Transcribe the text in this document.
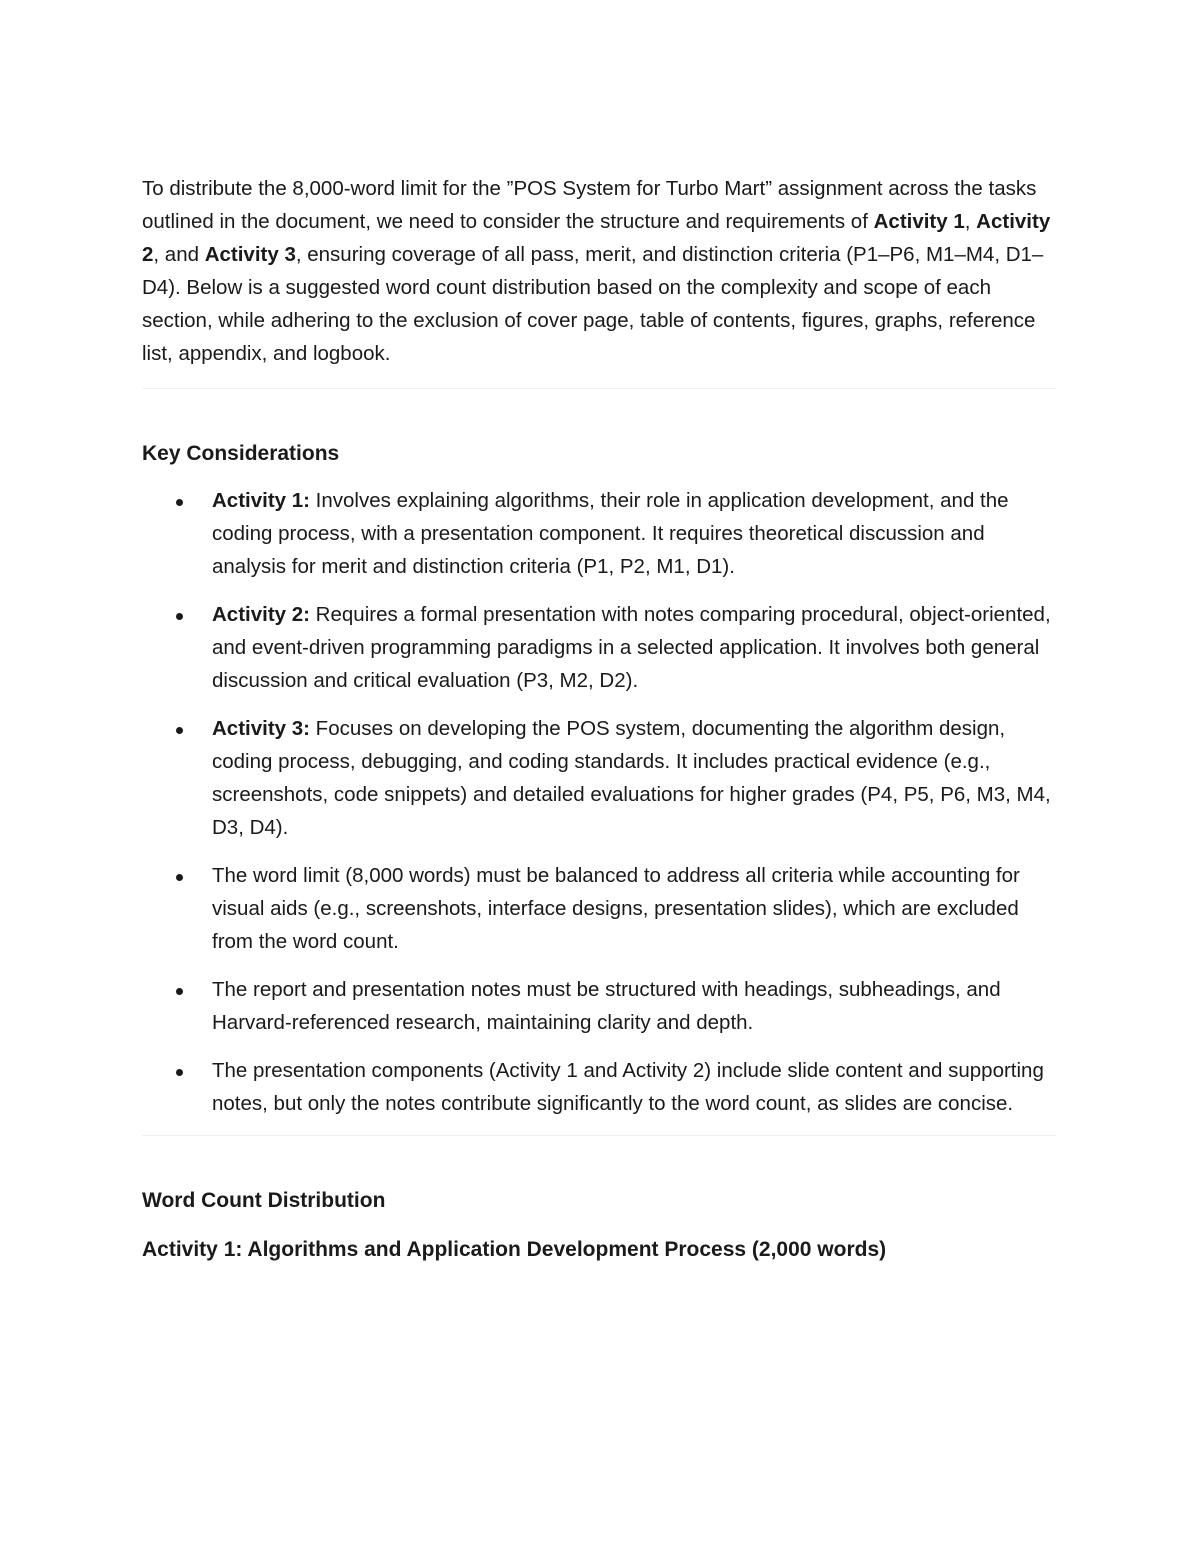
To distribute the 8,000-word limit for the ”POS System for Turbo Mart” assignment across the tasks outlined in the document, we need to consider the structure and requirements of Activity 1, Activity 2, and Activity 3, ensuring coverage of all pass, merit, and distinction criteria (P1–P6, M1–M4, D1–D4). Below is a suggested word count distribution based on the complexity and scope of each section, while adhering to the exclusion of cover page, table of contents, figures, graphs, reference list, appendix, and logbook.

Key Considerations
Activity 1: Involves explaining algorithms, their role in application development, and the coding process, with a presentation component. It requires theoretical discussion and analysis for merit and distinction criteria (P1, P2, M1, D1).
Activity 2: Requires a formal presentation with notes comparing procedural, object-oriented, and event-driven programming paradigms in a selected application. It involves both general discussion and critical evaluation (P3, M2, D2).
Activity 3: Focuses on developing the POS system, documenting the algorithm design, coding process, debugging, and coding standards. It includes practical evidence (e.g., screenshots, code snippets) and detailed evaluations for higher grades (P4, P5, P6, M3, M4, D3, D4).
The word limit (8,000 words) must be balanced to address all criteria while accounting for visual aids (e.g., screenshots, interface designs, presentation slides), which are excluded from the word count.
The report and presentation notes must be structured with headings, subheadings, and Harvard-referenced research, maintaining clarity and depth.
The presentation components (Activity 1 and Activity 2) include slide content and supporting notes, but only the notes contribute significantly to the word count, as slides are concise.
Word Count Distribution
Activity 1: Algorithms and Application Development Process (2,000 words)
